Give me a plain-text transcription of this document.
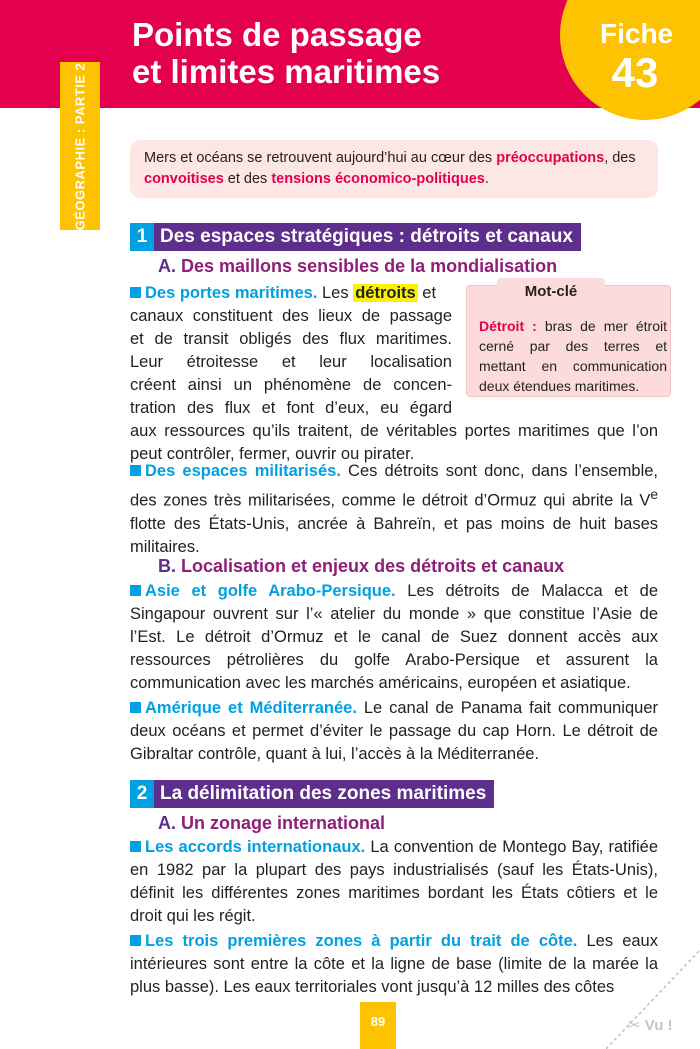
Points de passage
et limites maritimes
Fiche
43
GÉOGRAPHIE : PARTIE 2	Mers et océans se retrouvent aujourd’hui au cœur des préoccupations, des convoitises et des tensions économico-politiques.
1 Des espaces stratégiques : détroits et canaux
A. Des maillons sensibles de la mondialisation
Des portes maritimes. Les détroits et
canaux constituent des lieux de passage
et de transit obligés des flux maritimes.
Leur étroitesse et leur localisation
créent ainsi un phénomène de concen-
tration des flux et font d’eux, eu égard
aux ressources qu’ils traitent, de véritables portes maritimes que l’on peut contrôler, fermer, ouvrir ou pirater.
Mot-clé
Détroit : bras de mer étroit cerné par des terres et mettant en communication deux étendues maritimes.
Des espaces militarisés. Ces détroits sont donc, dans l’ensemble, des zones très militarisées, comme le détroit d’Ormuz qui abrite la Ve flotte des États-Unis, ancrée à Bahreïn, et pas moins de huit bases militaires.
B. Localisation et enjeux des détroits et canaux
Asie et golfe Arabo-Persique. Les détroits de Malacca et de Singapour ouvrent sur l’« atelier du monde » que constitue l’Asie de l’Est. Le détroit d’Ormuz et le canal de Suez donnent accès aux ressources pétrolières du golfe Arabo-Persique et assurent la communication avec les marchés américains, européen et asiatique.
Amérique et Méditerranée. Le canal de Panama fait communiquer deux océans et permet d’éviter le passage du cap Horn. Le détroit de Gibraltar contrôle, quant à lui, l’accès à la Méditerranée.
2 La délimitation des zones maritimes
A. Un zonage international
Les accords internationaux. La convention de Montego Bay, ratifiée en 1982 par la plupart des pays industrialisés (sauf les États-Unis), définit les différentes zones maritimes bordant les États côtiers et le droit qui les régit.
Les trois premières zones à partir du trait de côte. Les eaux intérieures sont entre la côte et la ligne de base (limite de la marée la plus basse). Les eaux territoriales vont jusqu’à 12 milles des côtes
89	✂ Vu !
